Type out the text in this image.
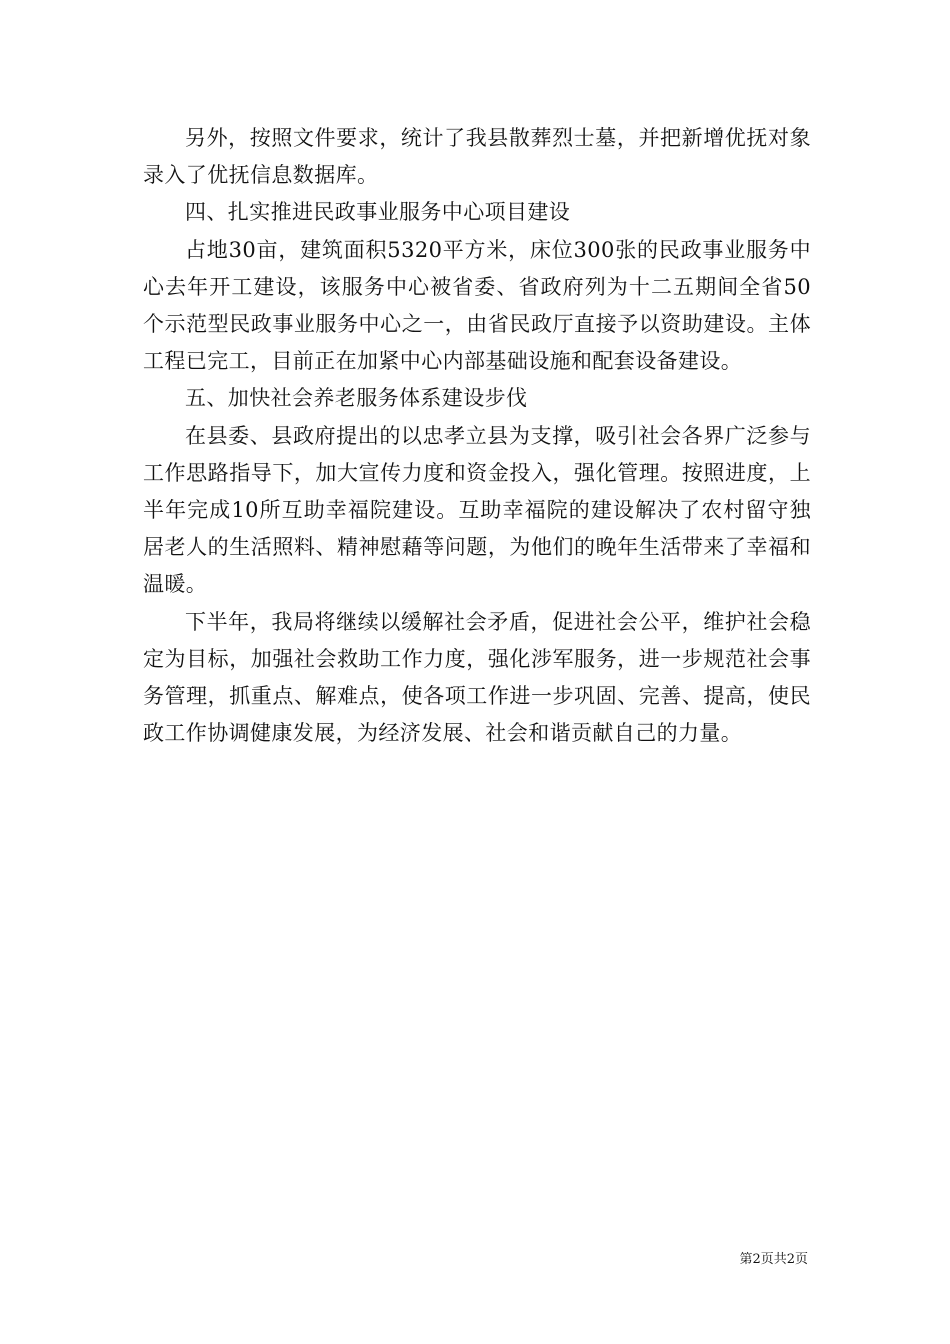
另外，按照文件要求，统计了我县散葬烈士墓，并把新增优抚对象录入了优抚信息数据库。

四、扎实推进民政事业服务中心项目建设

占地30亩，建筑面积5320平方米，床位300张的民政事业服务中心去年开工建设，该服务中心被省委、省政府列为十二五期间全省50个示范型民政事业服务中心之一，由省民政厅直接予以资助建设。主体工程已完工，目前正在加紧中心内部基础设施和配套设备建设。

五、加快社会养老服务体系建设步伐

在县委、县政府提出的以忠孝立县为支撑，吸引社会各界广泛参与工作思路指导下，加大宣传力度和资金投入，强化管理。按照进度，上半年完成10所互助幸福院建设。互助幸福院的建设解决了农村留守独居老人的生活照料、精神慰藉等问题，为他们的晚年生活带来了幸福和温暖。

下半年，我局将继续以缓解社会矛盾，促进社会公平，维护社会稳定为目标，加强社会救助工作力度，强化涉军服务，进一步规范社会事务管理，抓重点、解难点，使各项工作进一步巩固、完善、提高，使民政工作协调健康发展，为经济发展、社会和谐贡献自己的力量。

第2页共2页
